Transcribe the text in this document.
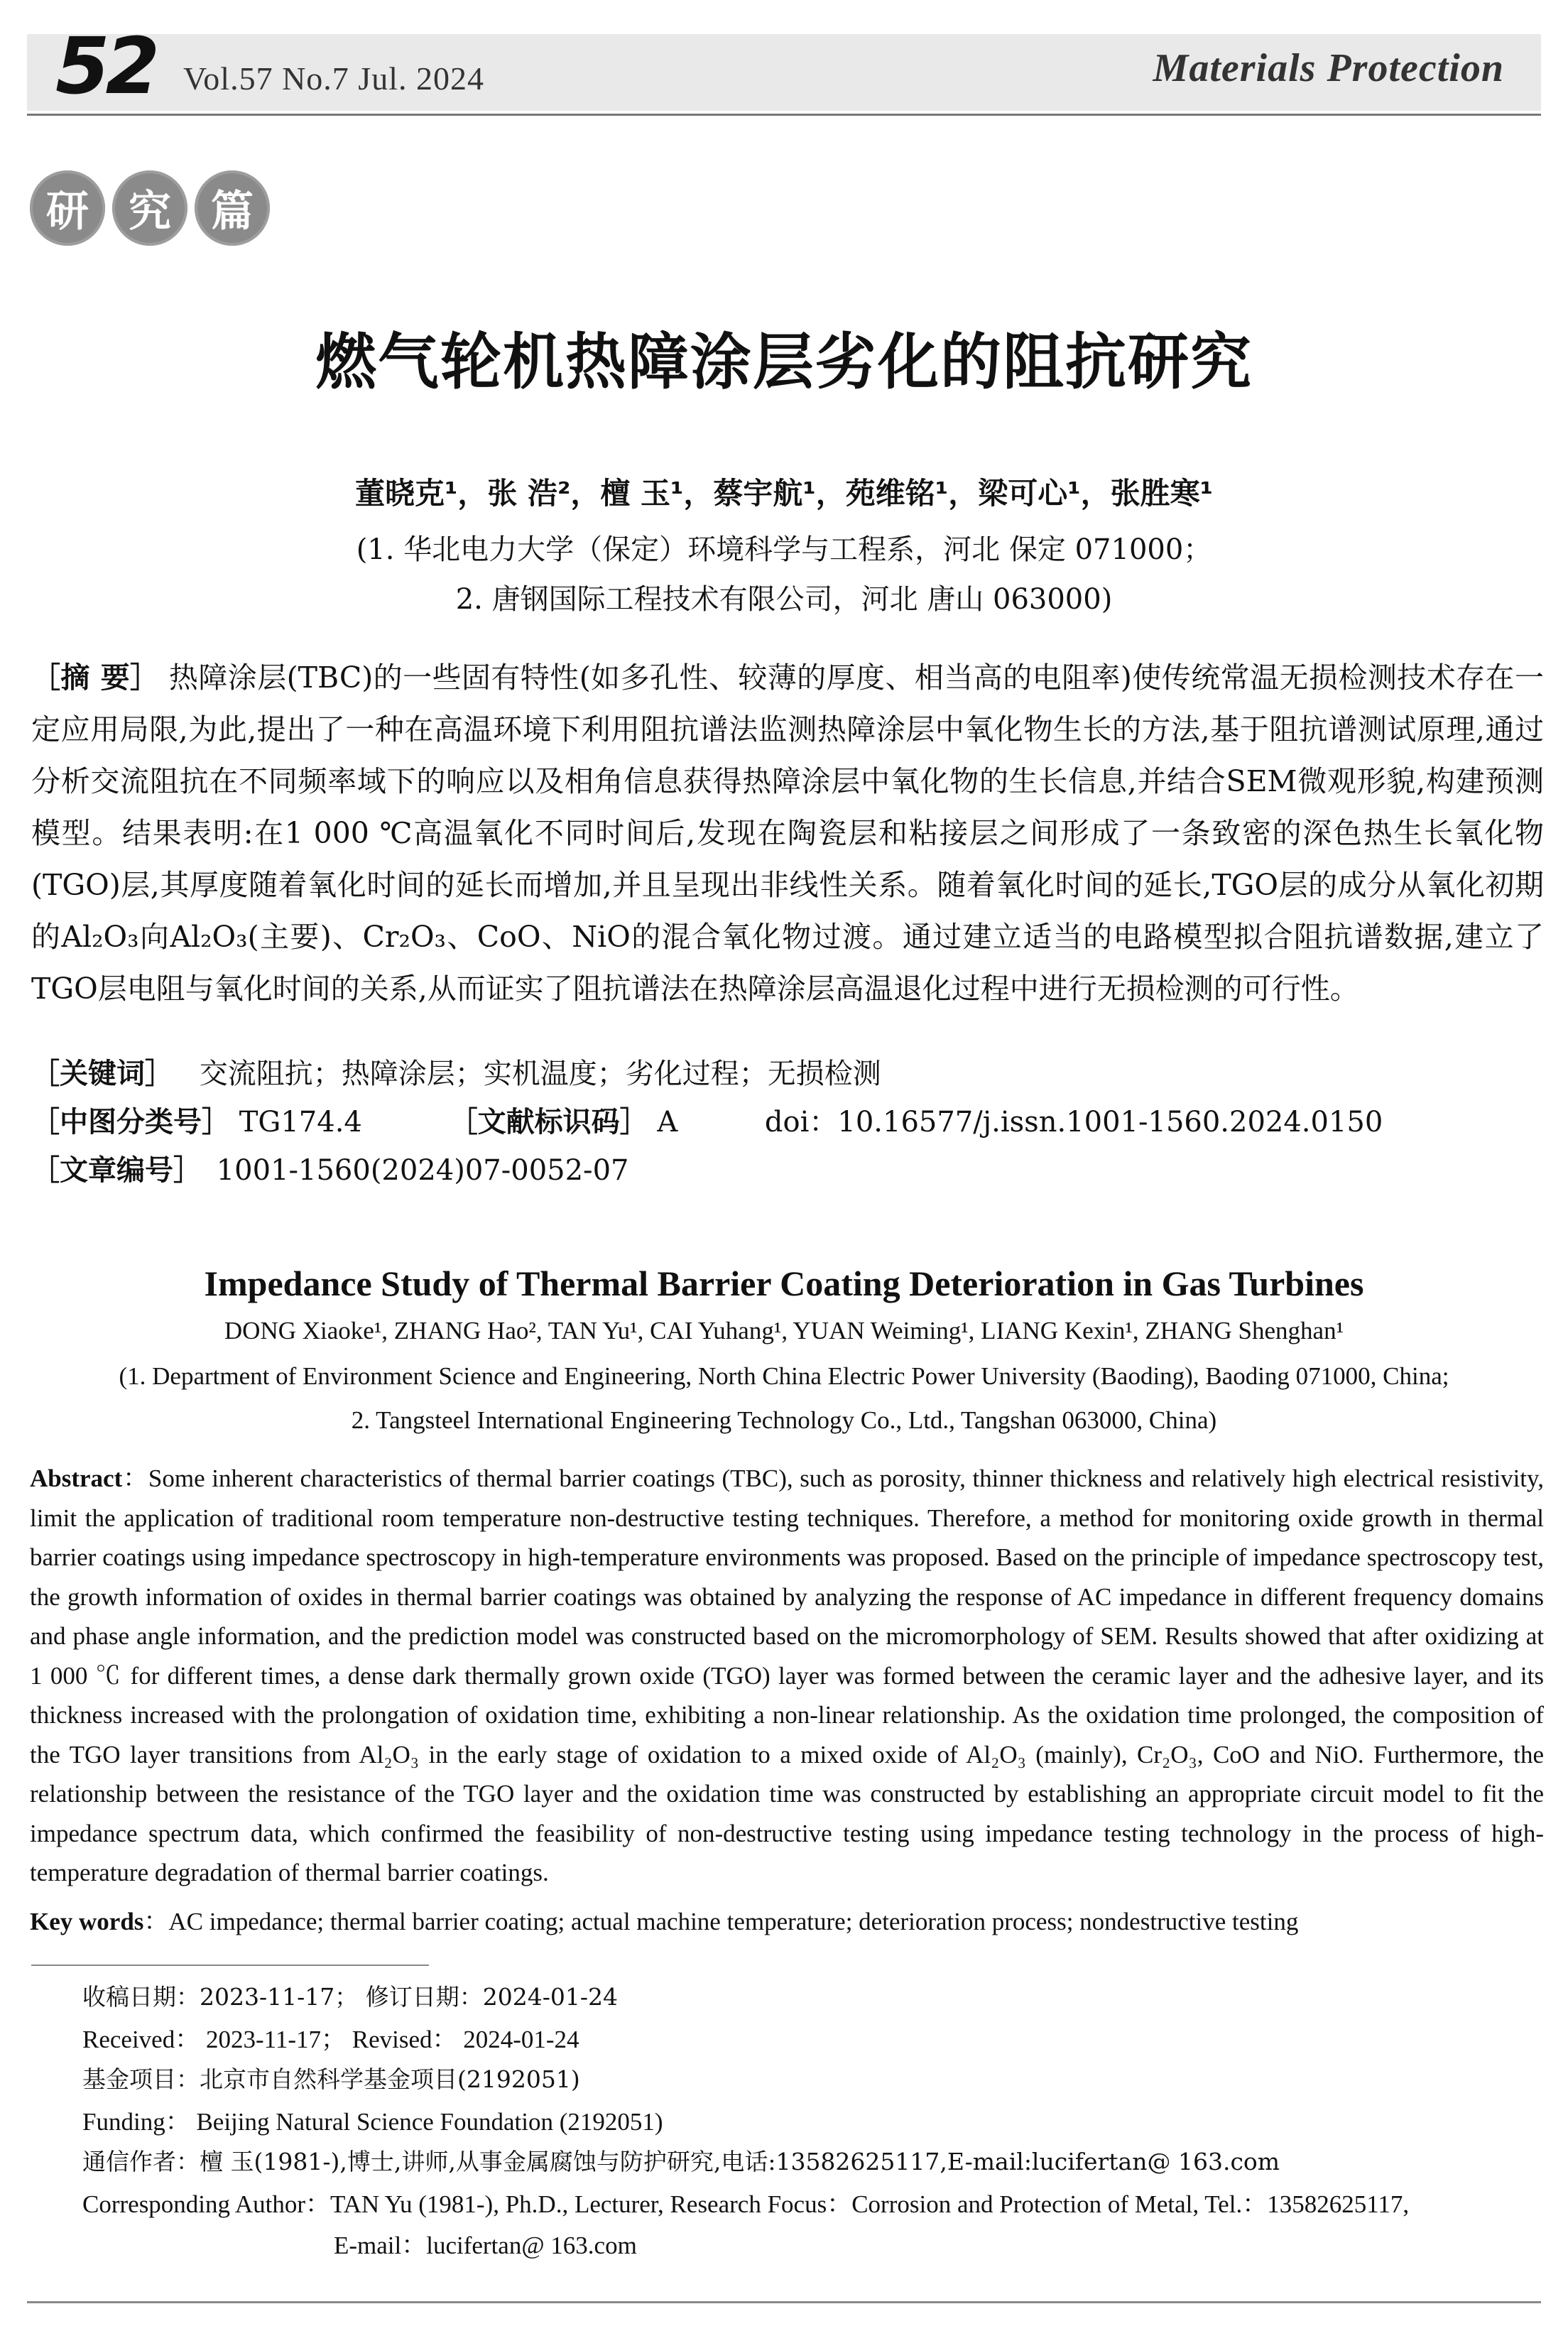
52 Vol.57 No.7 Jul. 2024	Materials Protection
研 究 篇
燃气轮机热障涂层劣化的阻抗研究
董晓克¹，张 浩²，檀 玉¹，蔡宇航¹，苑维铭¹，梁可心¹，张胜寒¹
(1. 华北电力大学（保定）环境科学与工程系，河北 保定 071000；
2. 唐钢国际工程技术有限公司，河北 唐山 063000)
［摘 要］ 热障涂层(TBC)的一些固有特性(如多孔性、较薄的厚度、相当高的电阻率)使传统常温无损检测技术存在一定应用局限,为此,提出了一种在高温环境下利用阻抗谱法监测热障涂层中氧化物生长的方法,基于阻抗谱测试原理,通过分析交流阻抗在不同频率域下的响应以及相角信息获得热障涂层中氧化物的生长信息,并结合SEM微观形貌,构建预测模型。结果表明:在1 000 ℃高温氧化不同时间后,发现在陶瓷层和粘接层之间形成了一条致密的深色热生长氧化物(TGO)层,其厚度随着氧化时间的延长而增加,并且呈现出非线性关系。随着氧化时间的延长,TGO层的成分从氧化初期的Al₂O₃向Al₂O₃(主要)、Cr₂O₃、CoO、NiO的混合氧化物过渡。通过建立适当的电路模型拟合阻抗谱数据,建立了TGO层电阻与氧化时间的关系,从而证实了阻抗谱法在热障涂层高温退化过程中进行无损检测的可行性。
［关键词］ 交流阻抗；热障涂层；实机温度；劣化过程；无损检测
［中图分类号］ TG174.4	［文献标识码］ A	doi：10.16577/j.issn.1001-1560.2024.0150
［文章编号］ 1001-1560(2024)07-0052-07
Impedance Study of Thermal Barrier Coating Deterioration in Gas Turbines
DONG Xiaoke¹, ZHANG Hao², TAN Yu¹, CAI Yuhang¹, YUAN Weiming¹, LIANG Kexin¹, ZHANG Shenghan¹
(1. Department of Environment Science and Engineering, North China Electric Power University (Baoding), Baoding 071000, China;
2. Tangsteel International Engineering Technology Co., Ltd., Tangshan 063000, China)
Abstract：Some inherent characteristics of thermal barrier coatings (TBC), such as porosity, thinner thickness and relatively high electrical resistivity, limit the application of traditional room temperature non-destructive testing techniques. Therefore, a method for monitoring oxide growth in thermal barrier coatings using impedance spectroscopy in high-temperature environments was proposed. Based on the principle of impedance spectroscopy test, the growth information of oxides in thermal barrier coatings was obtained by analyzing the response of AC impedance in different frequency domains and phase angle information, and the prediction model was constructed based on the micromorphology of SEM. Results showed that after oxidizing at 1 000 ℃ for different times, a dense dark thermally grown oxide (TGO) layer was formed between the ceramic layer and the adhesive layer, and its thickness increased with the prolongation of oxidation time, exhibiting a non-linear relationship. As the oxidation time prolonged, the composition of the TGO layer transitions from Al₂O₃ in the early stage of oxidation to a mixed oxide of Al₂O₃ (mainly), Cr₂O₃, CoO and NiO. Furthermore, the relationship between the resistance of the TGO layer and the oxidation time was constructed by establishing an appropriate circuit model to fit the impedance spectrum data, which confirmed the feasibility of non-destructive testing using impedance testing technology in the process of high-temperature degradation of thermal barrier coatings.
Key words：AC impedance; thermal barrier coating; actual machine temperature; deterioration process; nondestructive testing
收稿日期：2023-11-17； 修订日期：2024-01-24
Received： 2023-11-17； Revised： 2024-01-24
基金项目：北京市自然科学基金项目(2192051)
Funding： Beijing Natural Science Foundation (2192051)
通信作者：檀 玉(1981-),博士,讲师,从事金属腐蚀与防护研究,电话:13582625117,E-mail:lucifertan@ 163.com
Corresponding Author：TAN Yu (1981-), Ph.D., Lecturer, Research Focus：Corrosion and Protection of Metal, Tel.：13582625117,
E-mail：lucifertan@ 163.com
